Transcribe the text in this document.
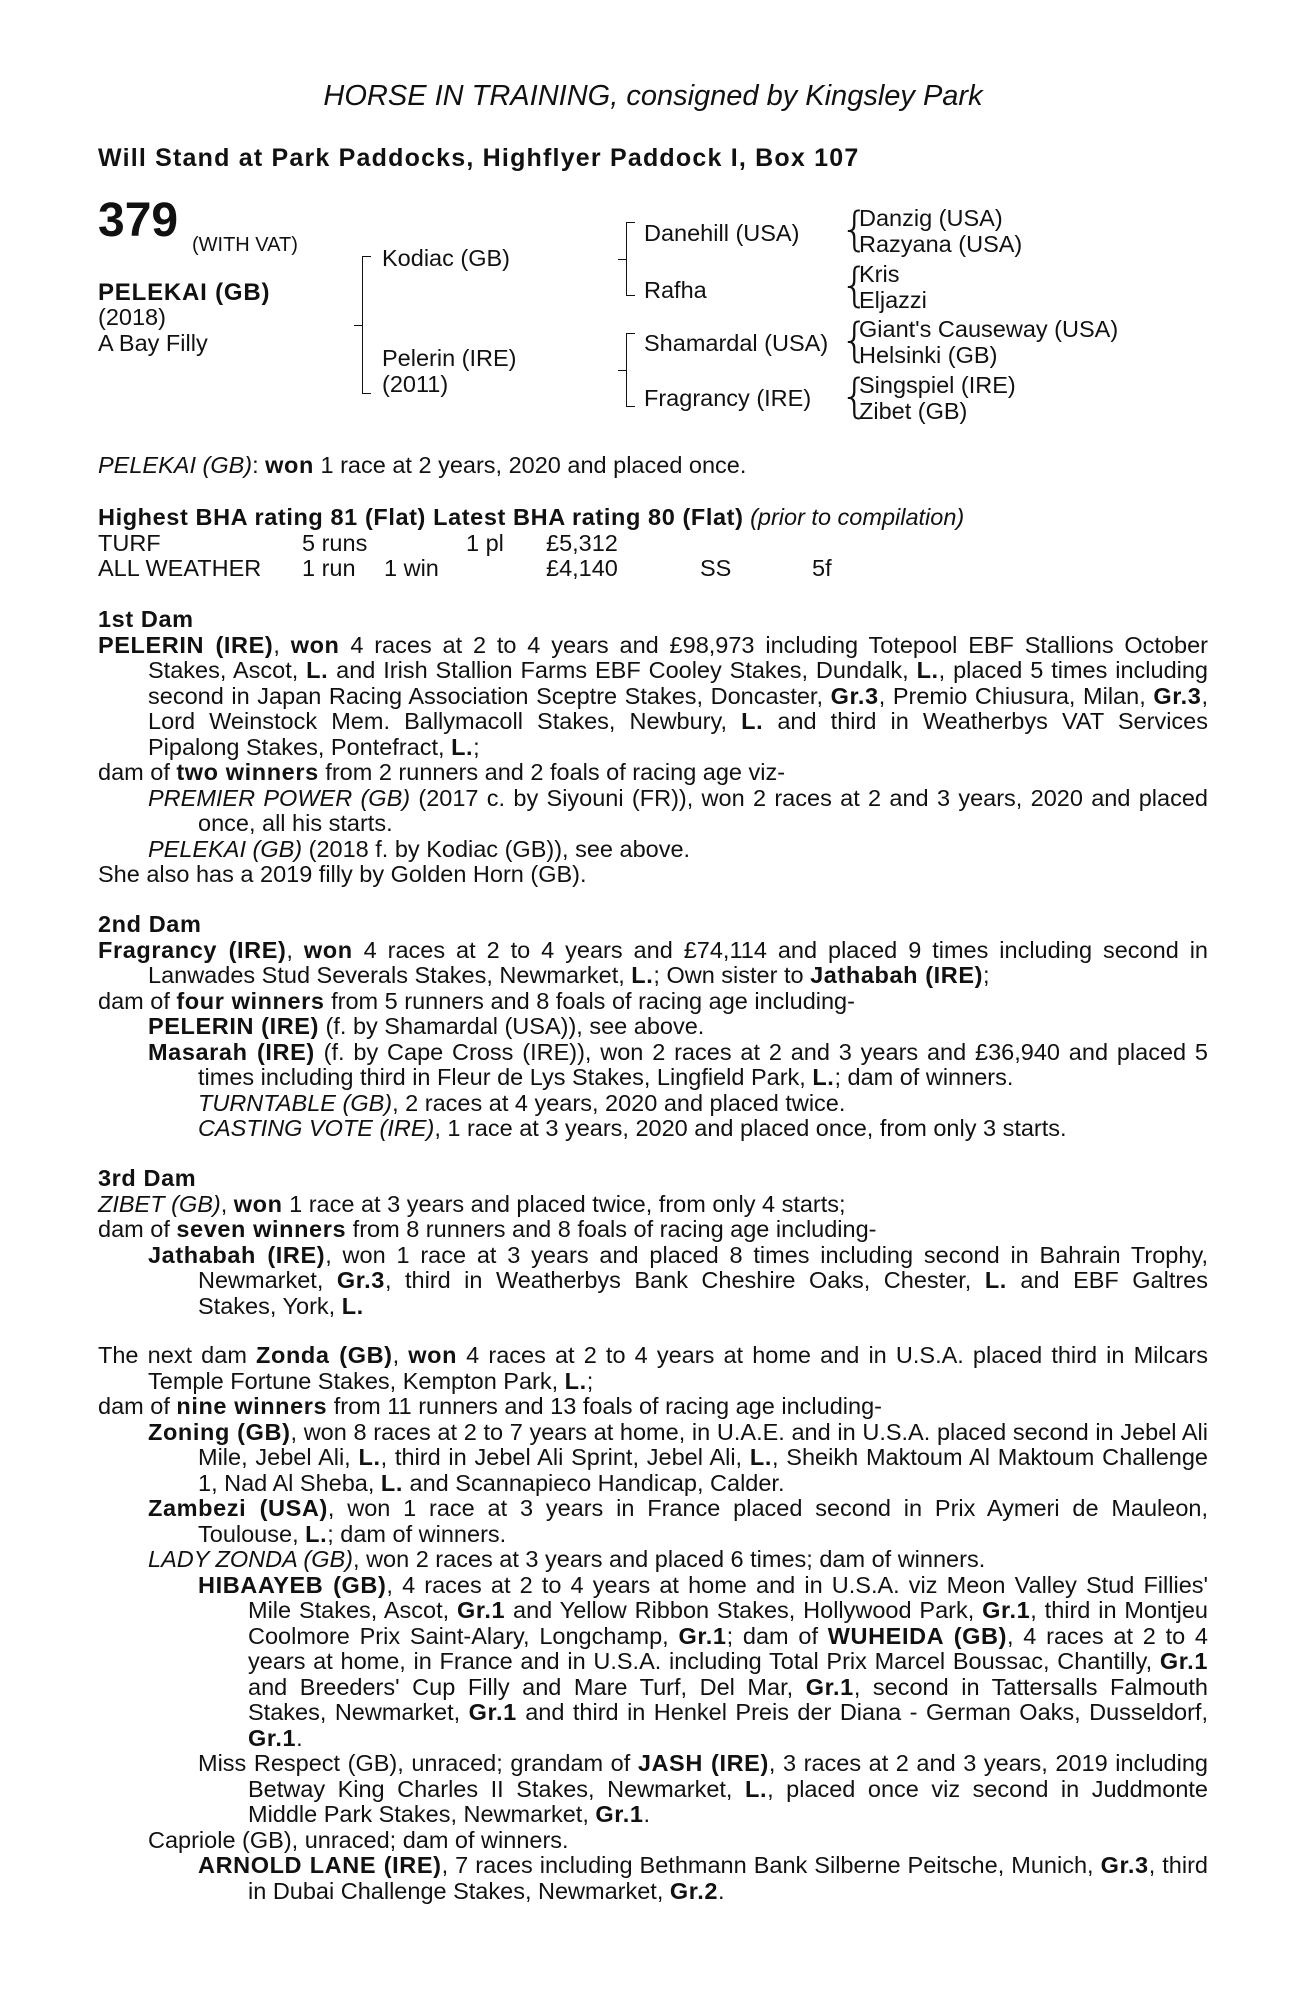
HORSE IN TRAINING, consigned by Kingsley Park
Will Stand at Park Paddocks, Highflyer Paddock I, Box 107
379 (WITH VAT)
PELEKAI (GB)
(2018)
A Bay Filly
Kodiac (GB)
Pelerin (IRE)
(2011)
Danehill (USA)
Rafha
Shamardal (USA)
Fragrancy (IRE)
{
Danzig (USA)
Razyana (USA)
{
Kris
Eljazzi
{
Giant's Causeway (USA)
Helsinki (GB)
{
Singspiel (IRE)
Zibet (GB)
PELEKAI (GB): won 1 race at 2 years, 2020 and placed once.
Highest BHA rating 81 (Flat) Latest BHA rating 80 (Flat) (prior to compilation)
TURF	5 runs		1 pl	£5,312		
ALL WEATHER	1 run	1 win		£4,140	SS	5f

1st Dam

PELERIN (IRE), won 4 races at 2 to 4 years and £98,973 including Totepool EBF Stallions October Stakes, Ascot, L. and Irish Stallion Farms EBF Cooley Stakes, Dundalk, L., placed 5 times including second in Japan Racing Association Sceptre Stakes, Doncaster, Gr.3, Premio Chiusura, Milan, Gr.3, Lord Weinstock Mem. Ballymacoll Stakes, Newbury, L. and third in Weatherbys VAT Services Pipalong Stakes, Pontefract, L.;

dam of two winners from 2 runners and 2 foals of racing age viz-

PREMIER POWER (GB) (2017 c. by Siyouni (FR)), won 2 races at 2 and 3 years, 2020 and placed once, all his starts.

PELEKAI (GB) (2018 f. by Kodiac (GB)), see above.

She also has a 2019 filly by Golden Horn (GB).

2nd Dam

Fragrancy (IRE), won 4 races at 2 to 4 years and £74,114 and placed 9 times including second in Lanwades Stud Severals Stakes, Newmarket, L.; Own sister to Jathabah (IRE);

dam of four winners from 5 runners and 8 foals of racing age including-

PELERIN (IRE) (f. by Shamardal (USA)), see above.

Masarah (IRE) (f. by Cape Cross (IRE)), won 2 races at 2 and 3 years and £36,940 and placed 5 times including third in Fleur de Lys Stakes, Lingfield Park, L.; dam of winners.

TURNTABLE (GB), 2 races at 4 years, 2020 and placed twice.

CASTING VOTE (IRE), 1 race at 3 years, 2020 and placed once, from only 3 starts.

3rd Dam

ZIBET (GB), won 1 race at 3 years and placed twice, from only 4 starts;

dam of seven winners from 8 runners and 8 foals of racing age including-

Jathabah (IRE), won 1 race at 3 years and placed 8 times including second in Bahrain Trophy, Newmarket, Gr.3, third in Weatherbys Bank Cheshire Oaks, Chester, L. and EBF Galtres Stakes, York, L.

The next dam Zonda (GB), won 4 races at 2 to 4 years at home and in U.S.A. placed third in Milcars Temple Fortune Stakes, Kempton Park, L.;

dam of nine winners from 11 runners and 13 foals of racing age including-

Zoning (GB), won 8 races at 2 to 7 years at home, in U.A.E. and in U.S.A. placed second in Jebel Ali Mile, Jebel Ali, L., third in Jebel Ali Sprint, Jebel Ali, L., Sheikh Maktoum Al Maktoum Challenge 1, Nad Al Sheba, L. and Scannapieco Handicap, Calder.

Zambezi (USA), won 1 race at 3 years in France placed second in Prix Aymeri de Mauleon, Toulouse, L.; dam of winners.

LADY ZONDA (GB), won 2 races at 3 years and placed 6 times; dam of winners.

HIBAAYEB (GB), 4 races at 2 to 4 years at home and in U.S.A. viz Meon Valley Stud Fillies' Mile Stakes, Ascot, Gr.1 and Yellow Ribbon Stakes, Hollywood Park, Gr.1, third in Montjeu Coolmore Prix Saint-Alary, Longchamp, Gr.1; dam of WUHEIDA (GB), 4 races at 2 to 4 years at home, in France and in U.S.A. including Total Prix Marcel Boussac, Chantilly, Gr.1 and Breeders' Cup Filly and Mare Turf, Del Mar, Gr.1, second in Tattersalls Falmouth Stakes, Newmarket, Gr.1 and third in Henkel Preis der Diana - German Oaks, Dusseldorf, Gr.1.

Miss Respect (GB), unraced; grandam of JASH (IRE), 3 races at 2 and 3 years, 2019 including Betway King Charles II Stakes, Newmarket, L., placed once viz second in Juddmonte Middle Park Stakes, Newmarket, Gr.1.

Capriole (GB), unraced; dam of winners.

ARNOLD LANE (IRE), 7 races including Bethmann Bank Silberne Peitsche, Munich, Gr.3, third in Dubai Challenge Stakes, Newmarket, Gr.2.
